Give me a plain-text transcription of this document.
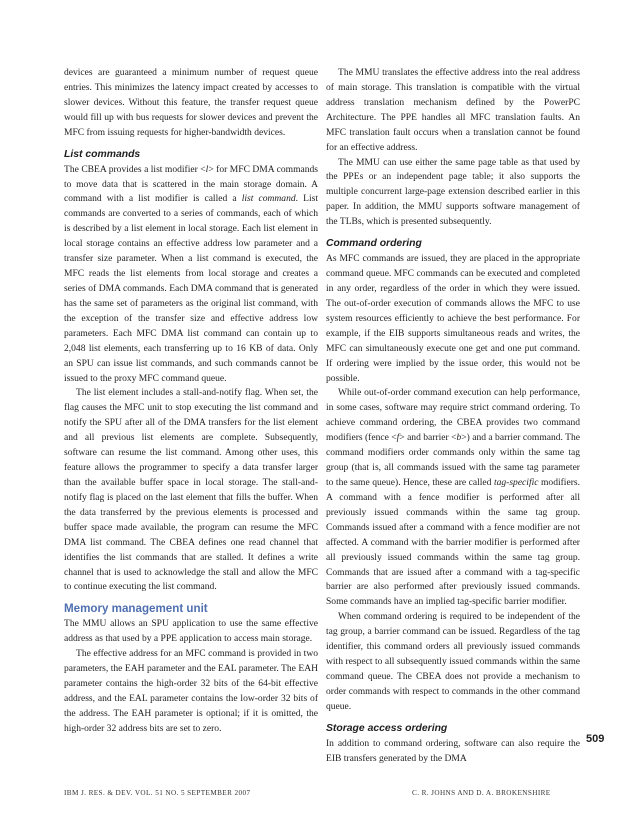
devices are guaranteed a minimum number of request queue entries. This minimizes the latency impact created by accesses to slower devices. Without this feature, the transfer request queue would fill up with bus requests for slower devices and prevent the MFC from issuing requests for higher-bandwidth devices.

List commands

The CBEA provides a list modifier <l> for MFC DMA commands to move data that is scattered in the main storage domain. A command with a list modifier is called a list command. List commands are converted to a series of commands, each of which is described by a list element in local storage. Each list element in local storage contains an effective address low parameter and a transfer size parameter. When a list command is executed, the MFC reads the list elements from local storage and creates a series of DMA commands. Each DMA command that is generated has the same set of parameters as the original list command, with the exception of the transfer size and effective address low parameters. Each MFC DMA list command can contain up to 2,048 list elements, each transferring up to 16 KB of data. Only an SPU can issue list commands, and such commands cannot be issued to the proxy MFC command queue.

The list element includes a stall-and-notify flag. When set, the flag causes the MFC unit to stop executing the list command and notify the SPU after all of the DMA transfers for the list element and all previous list elements are complete. Subsequently, software can resume the list command. Among other uses, this feature allows the programmer to specify a data transfer larger than the available buffer space in local storage. The stall-and-notify flag is placed on the last element that fills the buffer. When the data transferred by the previous elements is processed and buffer space made available, the program can resume the MFC DMA list command. The CBEA defines one read channel that identifies the list commands that are stalled. It defines a write channel that is used to acknowledge the stall and allow the MFC to continue executing the list command.

Memory management unit

The MMU allows an SPU application to use the same effective address as that used by a PPE application to access main storage.

The effective address for an MFC command is provided in two parameters, the EAH parameter and the EAL parameter. The EAH parameter contains the high-order 32 bits of the 64-bit effective address, and the EAL parameter contains the low-order 32 bits of the address. The EAH parameter is optional; if it is omitted, the high-order 32 address bits are set to zero.

The MMU translates the effective address into the real address of main storage. This translation is compatible with the virtual address translation mechanism defined by the PowerPC Architecture. The PPE handles all MFC translation faults. An MFC translation fault occurs when a translation cannot be found for an effective address.

The MMU can use either the same page table as that used by the PPEs or an independent page table; it also supports the multiple concurrent large-page extension described earlier in this paper. In addition, the MMU supports software management of the TLBs, which is presented subsequently.

Command ordering

As MFC commands are issued, they are placed in the appropriate command queue. MFC commands can be executed and completed in any order, regardless of the order in which they were issued. The out-of-order execution of commands allows the MFC to use system resources efficiently to achieve the best performance. For example, if the EIB supports simultaneous reads and writes, the MFC can simultaneously execute one get and one put command. If ordering were implied by the issue order, this would not be possible.

While out-of-order command execution can help performance, in some cases, software may require strict command ordering. To achieve command ordering, the CBEA provides two command modifiers (fence <f> and barrier <b>) and a barrier command. The command modifiers order commands only within the same tag group (that is, all commands issued with the same tag parameter to the same queue). Hence, these are called tag-specific modifiers. A command with a fence modifier is performed after all previously issued commands within the same tag group. Commands issued after a command with a fence modifier are not affected. A command with the barrier modifier is performed after all previously issued commands within the same tag group. Commands that are issued after a command with a tag-specific barrier are also performed after previously issued commands. Some commands have an implied tag-specific barrier modifier.

When command ordering is required to be independent of the tag group, a barrier command can be issued. Regardless of the tag identifier, this command orders all previously issued commands with respect to all subsequently issued commands within the same command queue. The CBEA does not provide a mechanism to order commands with respect to commands in the other command queue.

Storage access ordering

In addition to command ordering, software can also require the EIB transfers generated by the DMA

509
IBM J. RES. & DEV. VOL. 51 NO. 5 SEPTEMBER 2007	C. R. JOHNS AND D. A. BROKENSHIRE
